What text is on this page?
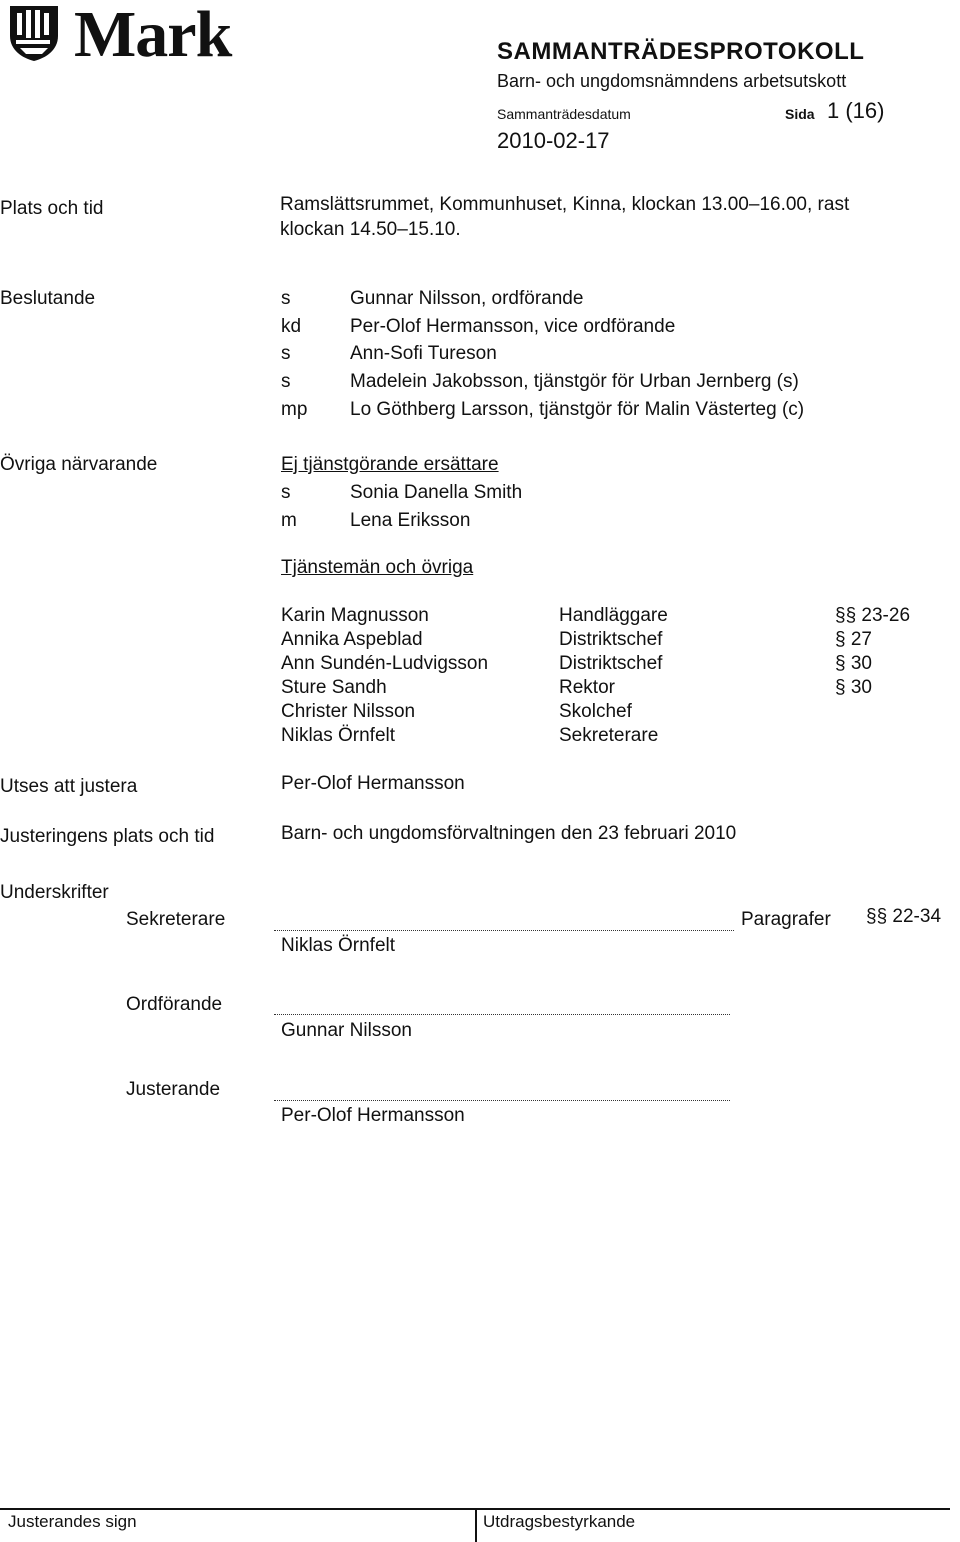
Mark	SAMMANTRÄDESPROTOKOLL
Barn- och ungdomsnämndens arbetsutskott
Sammanträdesdatum	Sida 1 (16)
2010-02-17
Plats och tid	Ramslättsrummet, Kommunhuset, Kinna, klockan 13.00–16.00, rast
klockan 14.50–15.10.
Beslutande	s	Gunnar Nilsson, ordförande
kd	Per-Olof Hermansson, vice ordförande
s	Ann-Sofi Tureson
s	Madelein Jakobsson, tjänstgör för Urban Jernberg (s)
mp Lo Göthberg Larsson, tjänstgör för Malin Västerteg (c)
Övriga närvarande	Ej tjänstgörande ersättare
s	Sonia Danella Smith
m	Lena Eriksson
Tjänstemän och övriga
Karin Magnusson	Handläggare	§§ 23-26
Annika Aspeblad	Distriktschef	§ 27
Ann Sundén-Ludvigsson	Distriktschef	§ 30
Sture Sandh	Rektor	§ 30
Christer Nilsson	Skolchef
Niklas Örnfelt	Sekreterare
Utses att justera	Per-Olof Hermansson
Justeringens plats och tid	Barn- och ungdomsförvaltningen den 23 februari 2010
Underskrifter
Sekreterare
Niklas Örnfelt
Paragrafer §§ 22-34
Ordförande
Gunnar Nilsson
Justerande
Per-Olof Hermansson
Justerandes sign	Utdragsbestyrkande
